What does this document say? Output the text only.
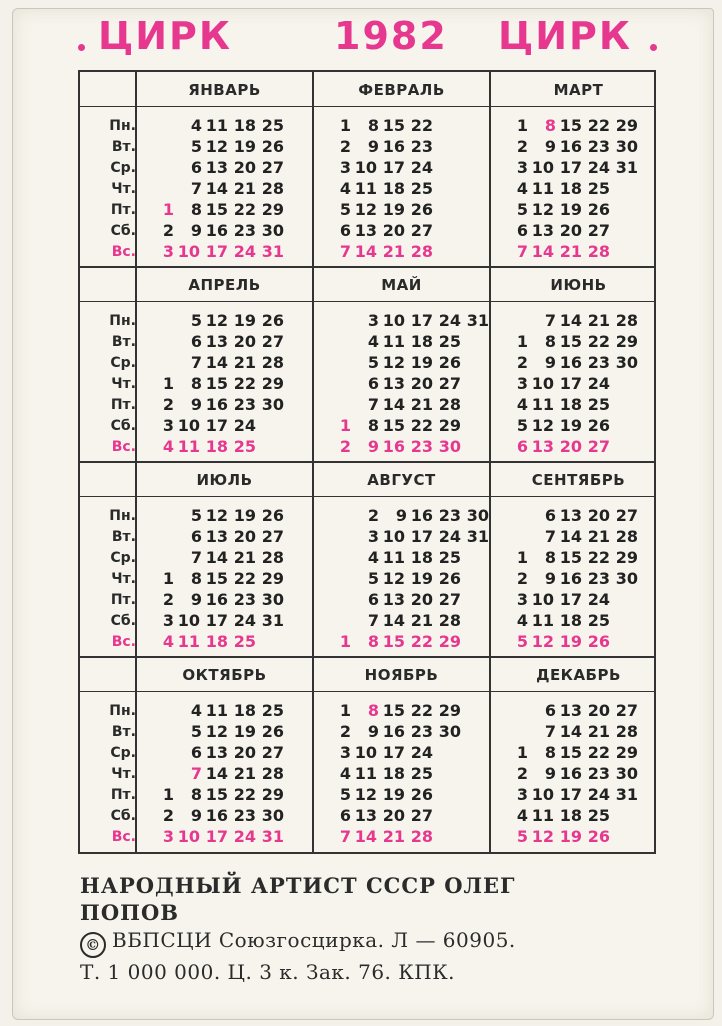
ЦИРК	1982 ЦИРК
Пн.
Вт.
Ср.
Чт.
Пт.
Сб.
Вс.
ЯНВАРЬ
1
2
3
4
5
6
7
8
9
10
11
12
13
14
15
16
17
18
19
20
21
22
23
24
25
26
27
28
29
30
31
ФЕВРАЛЬ
1
2
3
4
5
6
7
8
9
10
11
12
13
14
15
16
17
18
19
20
21
22
23
24
25
26
27
28
МАРТ
1
2
3
4
5
6
7
8
9
10
11
12
13
14
15
16
17
18
19
20
21
22
23
24
25
26
27
28
29
30
31
Пн.
Вт.
Ср.
Чт.
Пт.
Сб.
Вс.
АПРЕЛЬ
1
2
3
4
5
6
7
8
9
10
11
12
13
14
15
16
17
18
19
20
21
22
23
24
25
26
27
28
29
30
МАЙ
1
2
3
4
5
6
7
8
9
10
11
12
13
14
15
16
17
18
19
20
21
22
23
24
25
26
27
28
29
30
31
ИЮНЬ
1
2
3
4
5
6
7
8
9
10
11
12
13
14
15
16
17
18
19
20
21
22
23
24
25
26
27
28
29
30
Пн.
Вт.
Ср.
Чт.
Пт.
Сб.
Вс.
ИЮЛЬ
1
2
3
4
5
6
7
8
9
10
11
12
13
14
15
16
17
18
19
20
21
22
23
24
25
26
27
28
29
30
31
АВГУСТ
1
2
3
4
5
6
7
8
9
10
11
12
13
14
15
16
17
18
19
20
21
22
23
24
25
26
27
28
29
30
31
СЕНТЯБРЬ
1
2
3
4
5
6
7
8
9
10
11
12
13
14
15
16
17
18
19
20
21
22
23
24
25
26
27
28
29
30
Пн.
Вт.
Ср.
Чт.
Пт.
Сб.
Вс.
ОКТЯБРЬ
1
2
3
4
5
6
7
8
9
10
11
12
13
14
15
16
17
18
19
20
21
22
23
24
25
26
27
28
29
30
31
НОЯБРЬ
1
2
3
4
5
6
7
8
9
10
11
12
13
14
15
16
17
18
19
20
21
22
23
24
25
26
27
28
29
30
ДЕКАБРЬ
1
2
3
4
5
6
7
8
9
10
11
12
13
14
15
16
17
18
19
20
21
22
23
24
25
26
27
28
29
30
31
НАРОДНЫЙ АРТИСТ СССР ОЛЕГ
ПОПОВ
© ВБПСЦИ Союзгосцирка. Л — 60905.
Т. 1 000 000. Ц. 3 к. Зак. 76. КПК.
